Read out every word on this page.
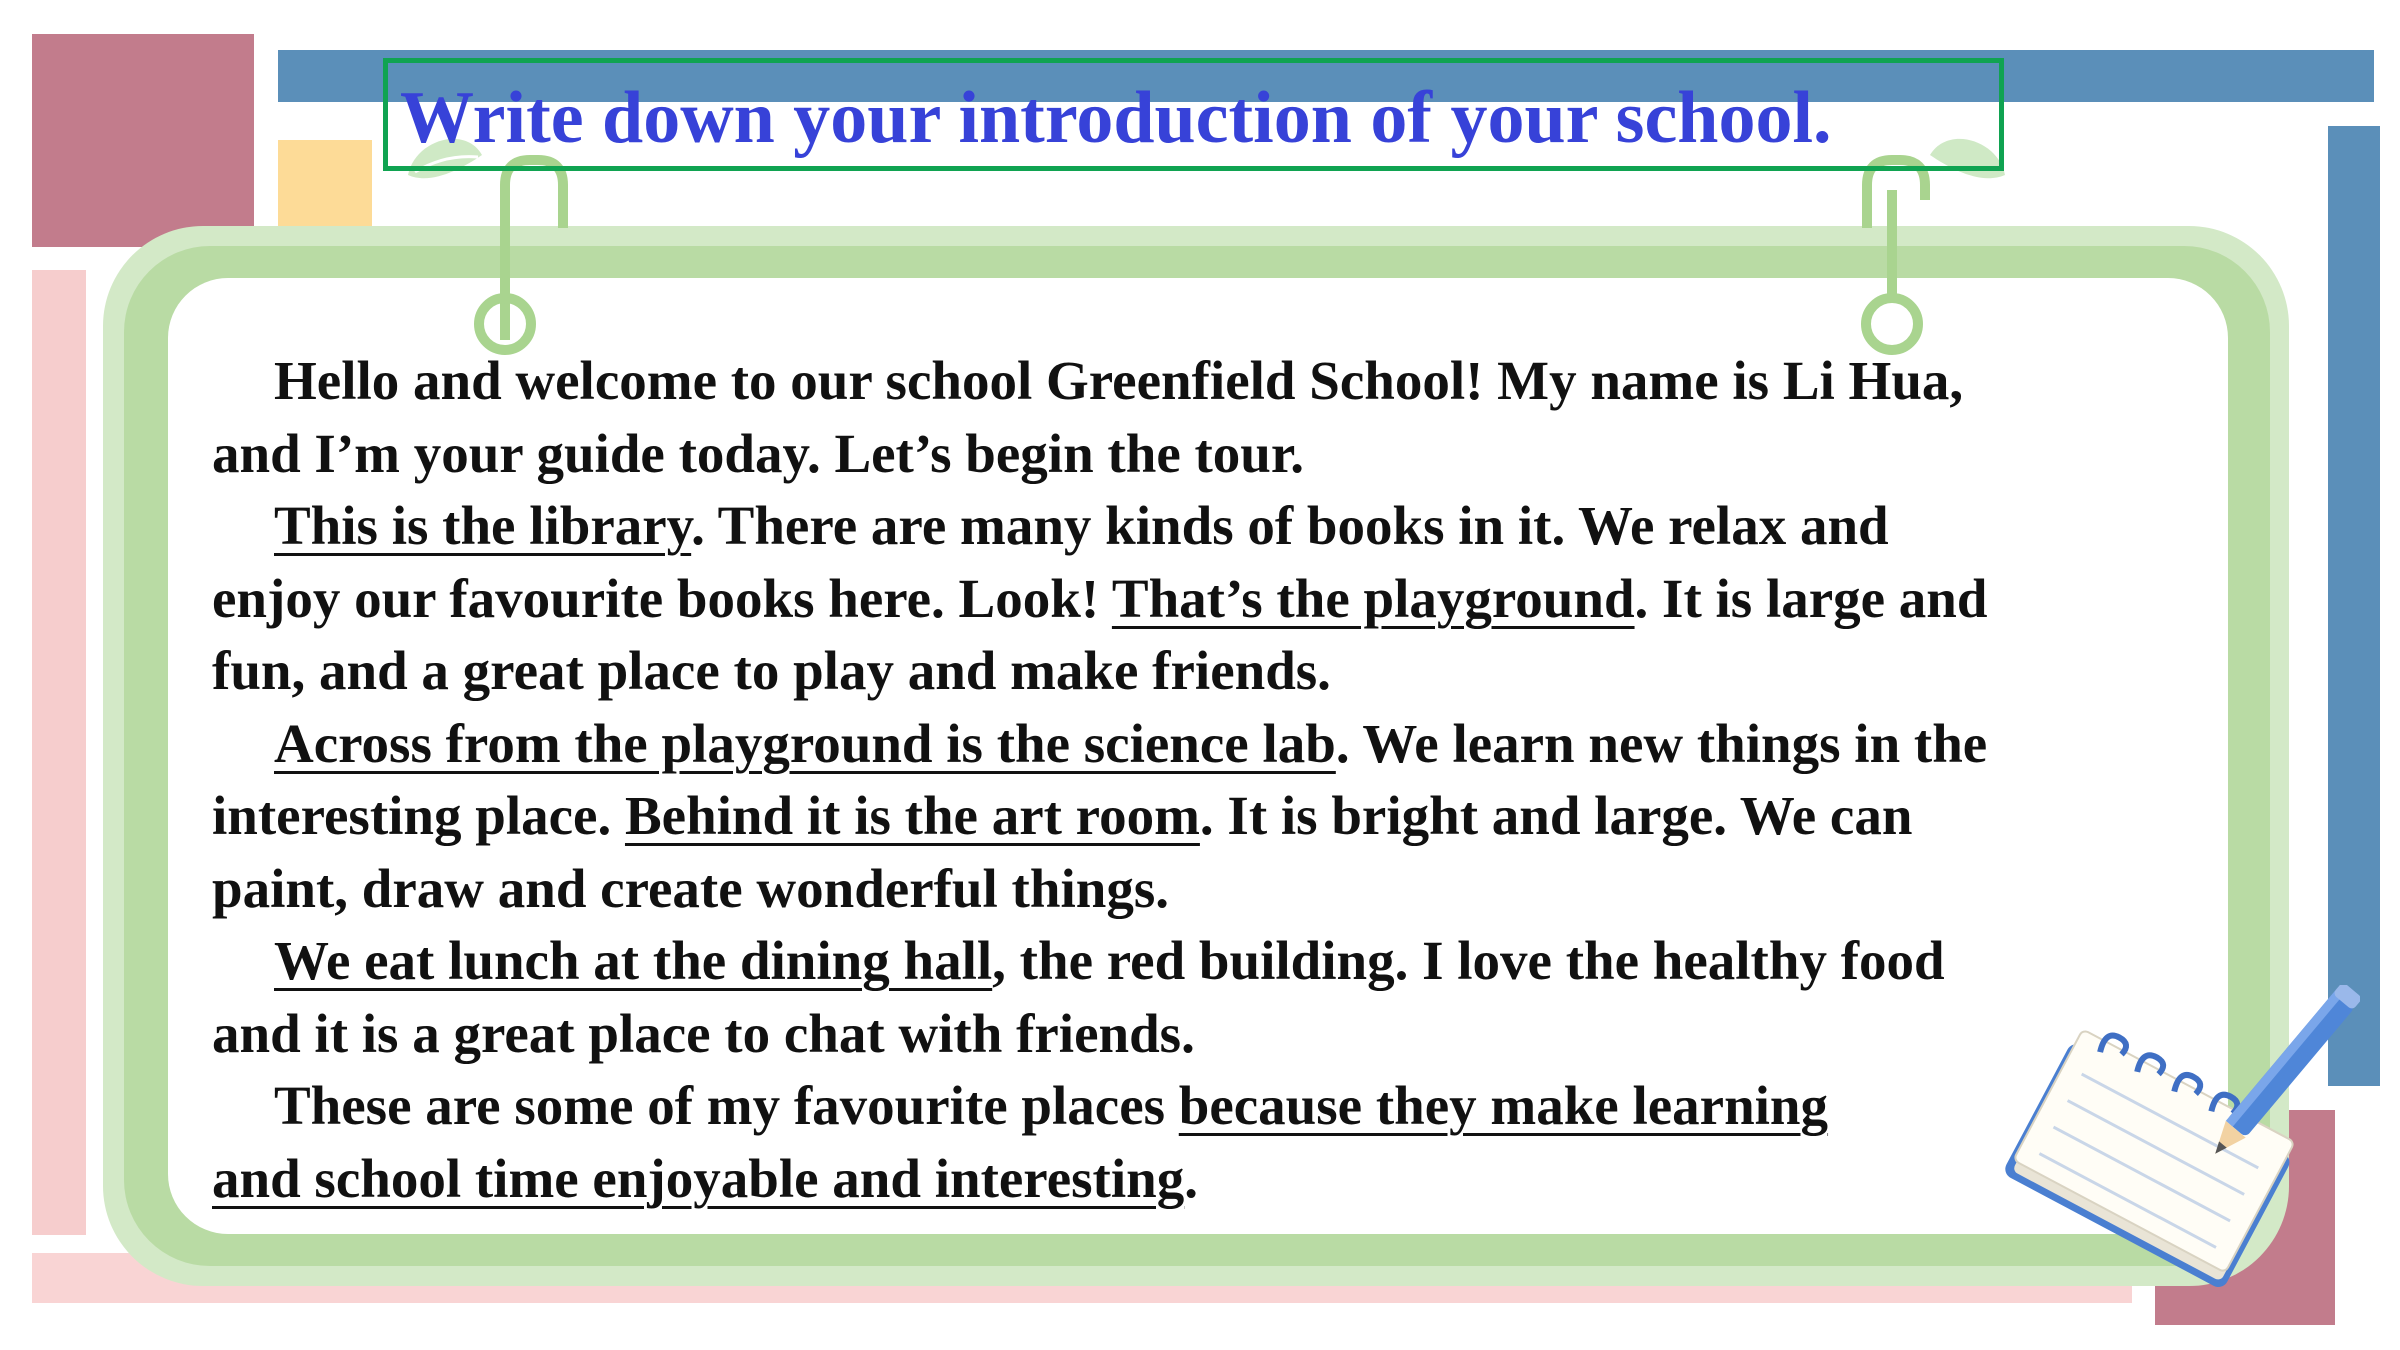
Write down your introduction of your school.

Hello and welcome to our school Greenfield School! My name is Li Hua,

and I’m your guide today. Let’s begin the tour.

This is the library. There are many kinds of books in it. We relax and

enjoy our favourite books here. Look! That’s the playground. It is large and

fun, and a great place to play and make friends.

Across from the playground is the science lab. We learn new things in the

interesting place. Behind it is the art room. It is bright and large. We can

paint, draw and create wonderful things.

We eat lunch at the dining hall, the red building. I love the healthy food

and it is a great place to chat with friends.

These are some of my favourite places because they make learning

and school time enjoyable and interesting.
